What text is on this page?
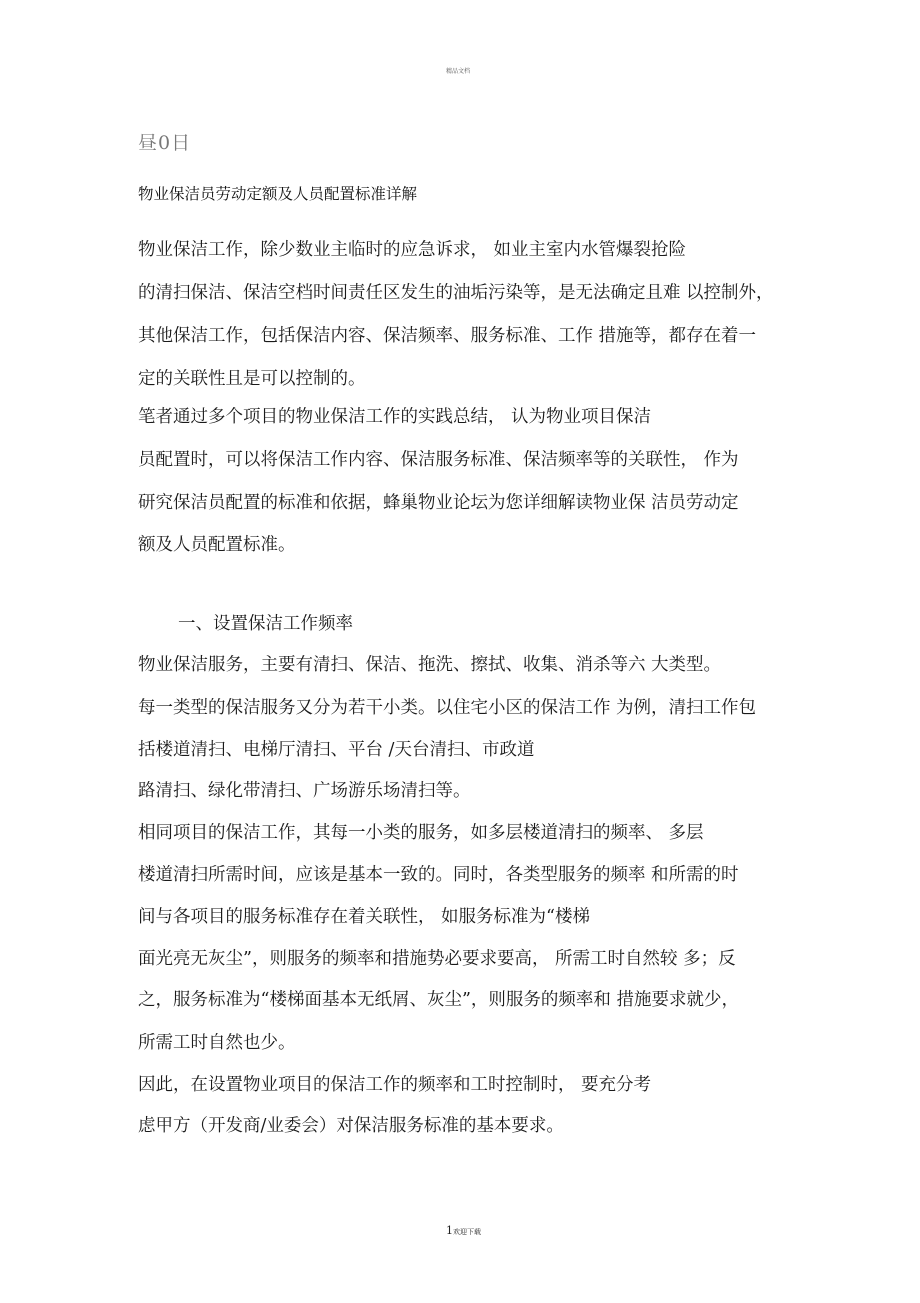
精品文档
昼0日
物业保洁员劳动定额及人员配置标准详解
物业保洁工作，除少数业主临时的应急诉求， 如业主室内水管爆裂抢险
的清扫保洁、保洁空档时间责任区发生的油垢污染等，是无法确定且难 以控制外，
其他保洁工作，包括保洁内容、保洁频率、服务标准、工作 措施等，都存在着一
定的关联性且是可以控制的。
笔者通过多个项目的物业保洁工作的实践总结， 认为物业项目保洁
员配置时，可以将保洁工作内容、保洁服务标准、保洁频率等的关联性， 作为
研究保洁员配置的标准和依据，蜂巢物业论坛为您详细解读物业保 洁员劳动定
额及人员配置标准。
一、设置保洁工作频率
物业保洁服务，主要有清扫、保洁、拖洗、擦拭、收集、消杀等六 大类型。
每一类型的保洁服务又分为若干小类。以住宅小区的保洁工作 为例，清扫工作包
括楼道清扫、电梯厅清扫、平台 /天台清扫、市政道
路清扫、绿化带清扫、广场游乐场清扫等。
相同项目的保洁工作，其每一小类的服务，如多层楼道清扫的频率、 多层
楼道清扫所需时间，应该是基本一致的。同时，各类型服务的频率 和所需的时
间与各项目的服务标准存在着关联性， 如服务标准为“楼梯
面光亮无灰尘”，则服务的频率和措施势必要求要高， 所需工时自然较 多；反
之，服务标准为“楼梯面基本无纸屑、灰尘”，则服务的频率和 措施要求就少，
所需工时自然也少。
因此，在设置物业项目的保洁工作的频率和工时控制时， 要充分考
虑甲方（开发商/业委会）对保洁服务标准的基本要求。
1欢迎下载
